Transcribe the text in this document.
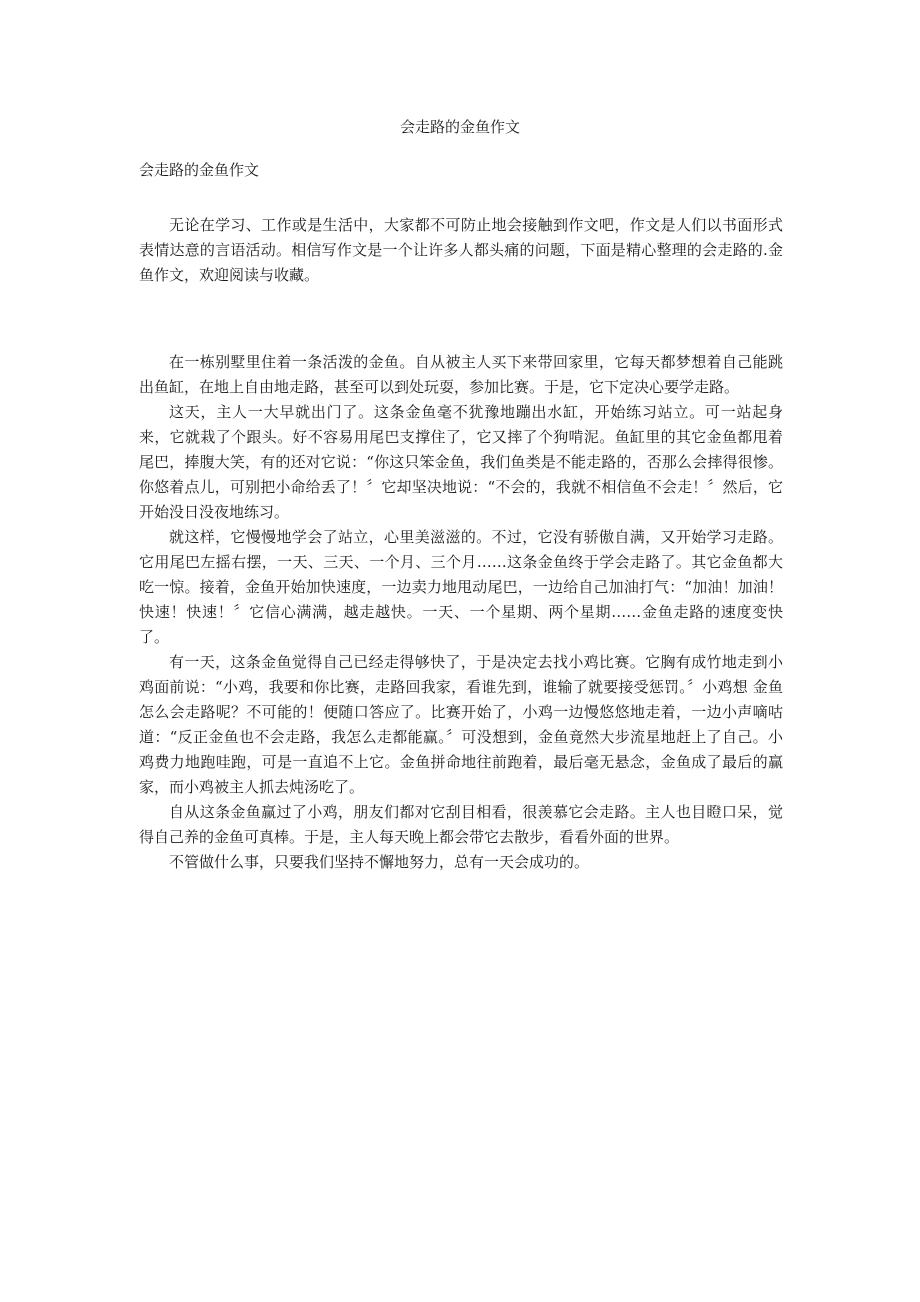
会走路的金鱼作文
会走路的金鱼作文

无论在学习、工作或是生活中，大家都不可防止地会接触到作文吧，作文是人们以书面形式表情达意的言语活动。相信写作文是一个让许多人都头痛的问题，下面是精心整理的会走路的.金鱼作文，欢迎阅读与收藏。

在一栋别墅里住着一条活泼的金鱼。自从被主人买下来带回家里，它每天都梦想着自己能跳出鱼缸，在地上自由地走路，甚至可以到处玩耍，参加比赛。于是，它下定决心要学走路。

这天，主人一大早就出门了。这条金鱼毫不犹豫地蹦出水缸，开始练习站立。可一站起身来，它就栽了个跟头。好不容易用尾巴支撑住了，它又摔了个狗啃泥。鱼缸里的其它金鱼都甩着尾巴，捧腹大笑，有的还对它说：“你这只笨金鱼，我们鱼类是不能走路的，否那么会摔得很惨。你悠着点儿，可别把小命给丢了！〞它却坚决地说：“不会的，我就不相信鱼不会走！〞然后，它开始没日没夜地练习。

就这样，它慢慢地学会了站立，心里美滋滋的。不过，它没有骄傲自满，又开始学习走路。它用尾巴左摇右摆，一天、三天、一个月、三个月……这条金鱼终于学会走路了。其它金鱼都大吃一惊。接着，金鱼开始加快速度，一边卖力地甩动尾巴，一边给自己加油打气：“加油！加油！快速！快速！〞它信心满满，越走越快。一天、一个星期、两个星期……金鱼走路的速度变快了。

有一天，这条金鱼觉得自己已经走得够快了，于是决定去找小鸡比赛。它胸有成竹地走到小鸡面前说：“小鸡，我要和你比赛，走路回我家，看谁先到，谁输了就要接受惩罚。〞小鸡想 金鱼怎么会走路呢？不可能的！便随口答应了。比赛开始了，小鸡一边慢悠悠地走着，一边小声嘀咕道：“反正金鱼也不会走路，我怎么走都能赢。〞可没想到，金鱼竟然大步流星地赶上了自己。小鸡费力地跑哇跑，可是一直追不上它。金鱼拼命地往前跑着，最后毫无悬念，金鱼成了最后的赢家，而小鸡被主人抓去炖汤吃了。

自从这条金鱼赢过了小鸡，朋友们都对它刮目相看，很羡慕它会走路。主人也目瞪口呆，觉得自己养的金鱼可真棒。于是，主人每天晚上都会带它去散步，看看外面的世界。

不管做什么事，只要我们坚持不懈地努力，总有一天会成功的。
